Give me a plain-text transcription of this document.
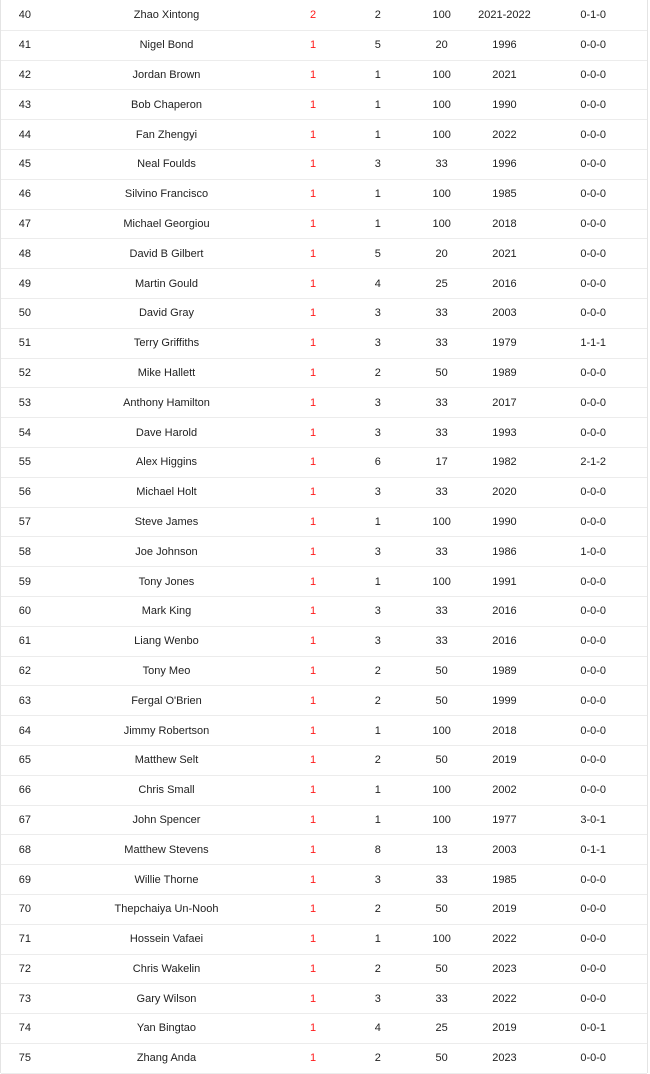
40	Zhao Xintong	2	2	100	2021-2022	0-1-0
41	Nigel Bond	1	5	20	1996	0-0-0
42	Jordan Brown	1	1	100	2021	0-0-0
43	Bob Chaperon	1	1	100	1990	0-0-0
44	Fan Zhengyi	1	1	100	2022	0-0-0
45	Neal Foulds	1	3	33	1996	0-0-0
46	Silvino Francisco	1	1	100	1985	0-0-0
47	Michael Georgiou	1	1	100	2018	0-0-0
48	David B Gilbert	1	5	20	2021	0-0-0
49	Martin Gould	1	4	25	2016	0-0-0
50	David Gray	1	3	33	2003	0-0-0
51	Terry Griffiths	1	3	33	1979	1-1-1
52	Mike Hallett	1	2	50	1989	0-0-0
53	Anthony Hamilton	1	3	33	2017	0-0-0
54	Dave Harold	1	3	33	1993	0-0-0
55	Alex Higgins	1	6	17	1982	2-1-2
56	Michael Holt	1	3	33	2020	0-0-0
57	Steve James	1	1	100	1990	0-0-0
58	Joe Johnson	1	3	33	1986	1-0-0
59	Tony Jones	1	1	100	1991	0-0-0
60	Mark King	1	3	33	2016	0-0-0
61	Liang Wenbo	1	3	33	2016	0-0-0
62	Tony Meo	1	2	50	1989	0-0-0
63	Fergal O'Brien	1	2	50	1999	0-0-0
64	Jimmy Robertson	1	1	100	2018	0-0-0
65	Matthew Selt	1	2	50	2019	0-0-0
66	Chris Small	1	1	100	2002	0-0-0
67	John Spencer	1	1	100	1977	3-0-1
68	Matthew Stevens	1	8	13	2003	0-1-1
69	Willie Thorne	1	3	33	1985	0-0-0
70	Thepchaiya Un-Nooh	1	2	50	2019	0-0-0
71	Hossein Vafaei	1	1	100	2022	0-0-0
72	Chris Wakelin	1	2	50	2023	0-0-0
73	Gary Wilson	1	3	33	2022	0-0-0
74	Yan Bingtao	1	4	25	2019	0-0-1
75	Zhang Anda	1	2	50	2023	0-0-0
